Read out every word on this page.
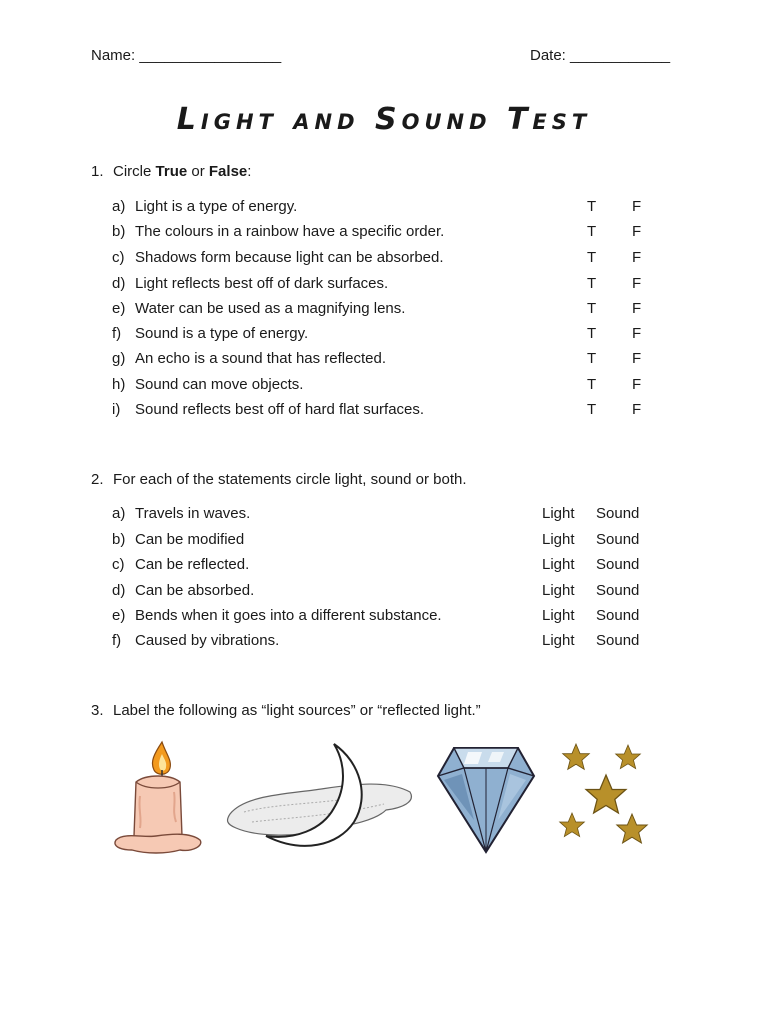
Name: _________________	Date: ____________
Light and Sound Test
1. Circle True or False:
a) Light is a type of energy.	T F
b) The colours in a rainbow have a specific order.	T F
c) Shadows form because light can be absorbed.	T F
d) Light reflects best off of dark surfaces.	T F
e) Water can be used as a magnifying lens.	T F
f) Sound is a type of energy.	T F
g) An echo is a sound that has reflected.	T F
h) Sound can move objects.	T F
i) Sound reflects best off of hard flat surfaces.	T F
2. For each of the statements circle light, sound or both.
a) Travels in waves.	Light Sound
b) Can be modified	Light Sound
c) Can be reflected.	Light Sound
d) Can be absorbed.	Light Sound
e) Bends when it goes into a different substance.	Light Sound
f) Caused by vibrations.	Light Sound
3. Label the following as “light sources” or “reflected light.”
